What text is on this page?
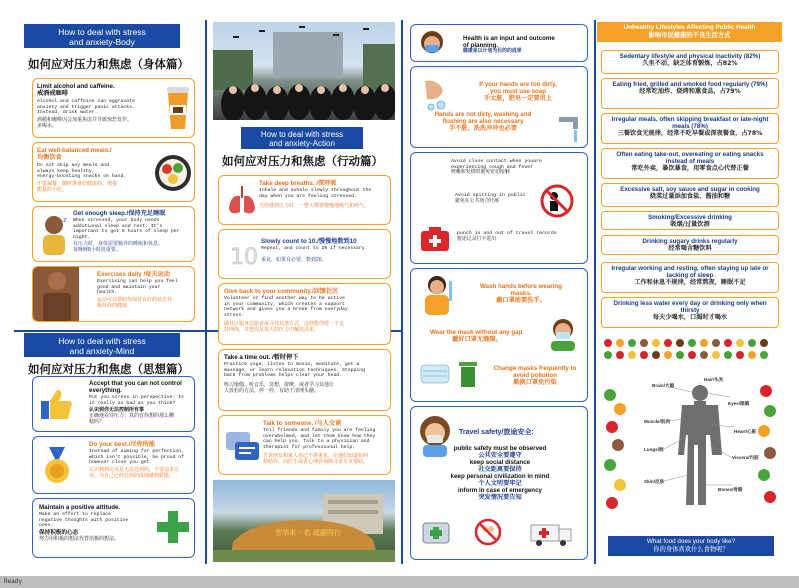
How to deal with stress
and anxiety-Body
如何应对压力和焦虑（身体篇）
Limit alcohol and caffeine.
戒酒戒咖啡
Alcohol and caffeine can aggravate
anxiety and trigger panic attacks.
Instead, drink water.
酒精和咖啡因会加重焦虑并导致惊恐发作。
多喝水。
Eat well-balanced meals./
均衡饮食
Do not skip any meals and
always keep healthy,
energy-boosting snacks on hand.
不要漏餐，随时准备好健康的、增强
能量的小吃。
z
Get enough sleep./保持充足睡眠
When stressed, your body needs
additional sleep and rest. It's
important to get 8 hours of sleep per
night.
有压力时，身体需要额外的睡眠和休息。
每晚睡8小时很重要。
Exercises daily /每天运动
Exercising can help you feel
good and maintain your
health.
运动可以帮助你保持良好的状态并
维持你的健康。
How to deal with stress
and anxiety-Mind
如何应对压力和焦虑（思想篇）
Accept that you can not control
everything.
Put you stress in perspective: Is
it really as bad as you think?
认识到你无法控制所有事
正确地看待压力：真的有你想的那么糟
糕吗？
Do your best./尽你所能
Instead of aiming for perfection,
which isn't possible, be proud of
however close you get.
认识到到完美是无法达到的，不要追求完
美，为自己已经达到的成绩感到骄傲。
Maintain a positive attitude.
Make an effort to replace
negative thoughts with positive
ones.
保持积极的心态
努力用积极的想法代替消极的想法。
How to deal with stress
and anxiety-Action
如何应对压力和焦虑（行动篇）
Take deep breaths. /深呼吸
Inhale and exhale slowly throughout the
day when you are feeling stressed.
当你感到压力时，一整天都要慢慢地吸气和呼气。
10
Slowly count to 10./慢慢地数到10
Repeat, and count to 20 if necessary.
重复，如果有必要，数到20。
Give back to your community./回馈社区
Volunteer or find another way to be active
in your community, which creates a support
network and gives you a break from everyday
stress.
做社区服务志愿者或寻找其他方式，这样能创建一个支
持网络，并把你从每天的压力中解放出来。
Take a time out. /暂时停下
Practice yoga, listen to music, meditate, get a
massage, or learn relaxation techniques. Stepping
back from problems helps clear your head.
练习瑜伽，听音乐，冥想，按摩，或者学习其他让
人放松的方法，停一停，有助于清理头脑。
Talk to someone. /与人交谈
Tell friends and family you are feeling
overwhelmed, and let them know how they
can help you. Talk to a physician and
therapist for professional help.
告诉朋友和家人你已不堪重负，让他们知道如何
帮助你。向医生或者心理咨询师寻求专业帮助。
芳华未 · 名 砥砺同行
Health is an input and outcome
of planning.
健康是以计划为目的的成果
If your hands are too dirty,
you must use soap
手太脏，肥皂一定要用上
Hands are not dirty, washing and
flushing are also necessary
手不脏，洗洗冲冲也必要
Avoid close contact when youare
experiencing cough and fever
咳嗽和发烧时避免密切接触
Avoid spitting in public
避免在公共场合吐痰
punch in and out of travel records
旅途记录打卡进出
Wash hands before wearing
masks.
戴口罩前要洗手。
Wear the mask without any gap.
戴好口罩无缝隙。
Change masks frequently to
avoid pollution
勤换口罩免污染
Travel safety/旅途安全:
public safety must be observed
公共安全要遵守
keep social distance
社交距离要保持
keep personal civilization in mind
个人文明要牢记
inform in case of emergency
突发情况要告知
Unhealthy Lifestyles Affecting Public Health
影响市民健康的不良生活方式
Sedentary lifestyle and physical inactivity (82%)
久坐不动，缺乏体育锻炼，占82%
Eating fried, grilled and smoked food regularly (79%)
经常吃油炸、烧烤和熏食品，占79%
Irregular meals, often skipping breakfast or late-night meals (78%)
三餐饮食无规律，经常不吃早餐或深夜餐食，占78%
Often eating take-out, overeating or eating snacks instead of meals
常吃外卖，暴饮暴食，用零食点心代替正餐
Excessive salt, soy sauce and sugar in cooking
烧菜过量添加食盐、酱油和糖
Smoking/Excessive drinking
吸烟/过量饮酒
Drinking sugary drinks regularly
经常喝含糖饮料
Irregular working and resting, often staying up late or lacking of sleep
工作和休息不规律，经常熬夜，睡眠不足
Drinking less water every day or drinking only when thirsty
每天少喝水，口渴时才喝水
Hair/头发
Brain/大脑
Eyes/眼睛
Muscle/肌肉
Heart/心脏
Lungs/肺
Viscera/内脏
Skin/皮肤
Bones/骨骼
What food does your body like?
你的身体喜欢什么食物呢？
Ready
